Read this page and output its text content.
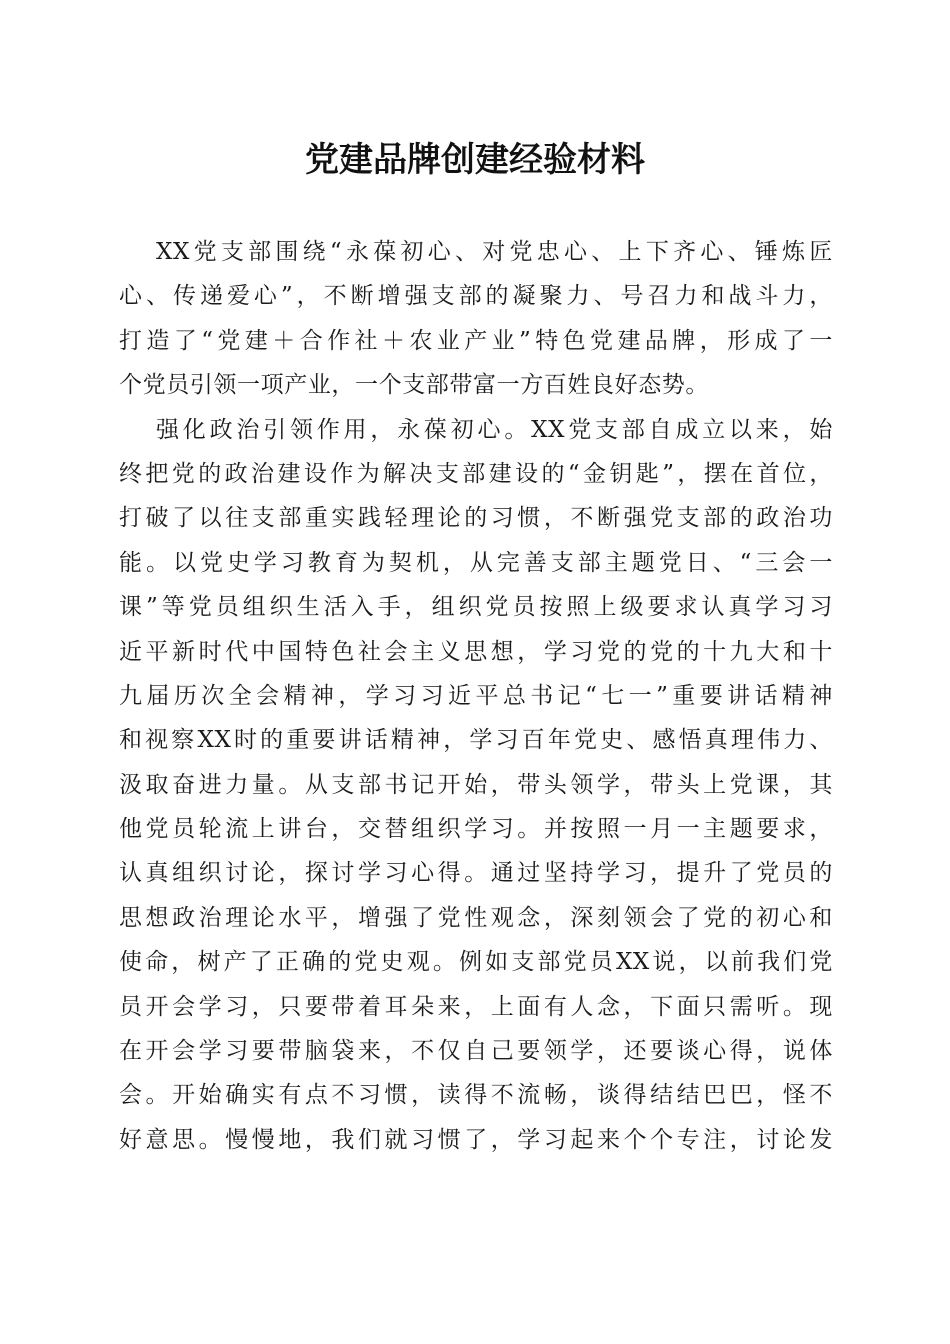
党建品牌创建经验材料
XX党支部围绕“永葆初心、对党忠心、上下齐心、锤炼匠
心、传递爱心”，不断增强支部的凝聚力、号召力和战斗力，
打造了“党建＋合作社＋农业产业”特色党建品牌，形成了一
个党员引领一项产业，一个支部带富一方百姓良好态势。
强化政治引领作用，永葆初心。XX党支部自成立以来，始
终把党的政治建设作为解决支部建设的“金钥匙”，摆在首位，
打破了以往支部重实践轻理论的习惯，不断强党支部的政治功
能。以党史学习教育为契机，从完善支部主题党日、“三会一
课”等党员组织生活入手，组织党员按照上级要求认真学习习
近平新时代中国特色社会主义思想，学习党的党的十九大和十
九届历次全会精神，学习习近平总书记“七一”重要讲话精神
和视察XX时的重要讲话精神，学习百年党史、感悟真理伟力、
汲取奋进力量。从支部书记开始，带头领学，带头上党课，其
他党员轮流上讲台，交替组织学习。并按照一月一主题要求，
认真组织讨论，探讨学习心得。通过坚持学习，提升了党员的
思想政治理论水平，增强了党性观念，深刻领会了党的初心和
使命，树产了正确的党史观。例如支部党员XX说，以前我们党
员开会学习，只要带着耳朵来，上面有人念，下面只需听。现
在开会学习要带脑袋来，不仅自己要领学，还要谈心得，说体
会。开始确实有点不习惯，读得不流畅，谈得结结巴巴，怪不
好意思。慢慢地，我们就习惯了，学习起来个个专注，讨论发
